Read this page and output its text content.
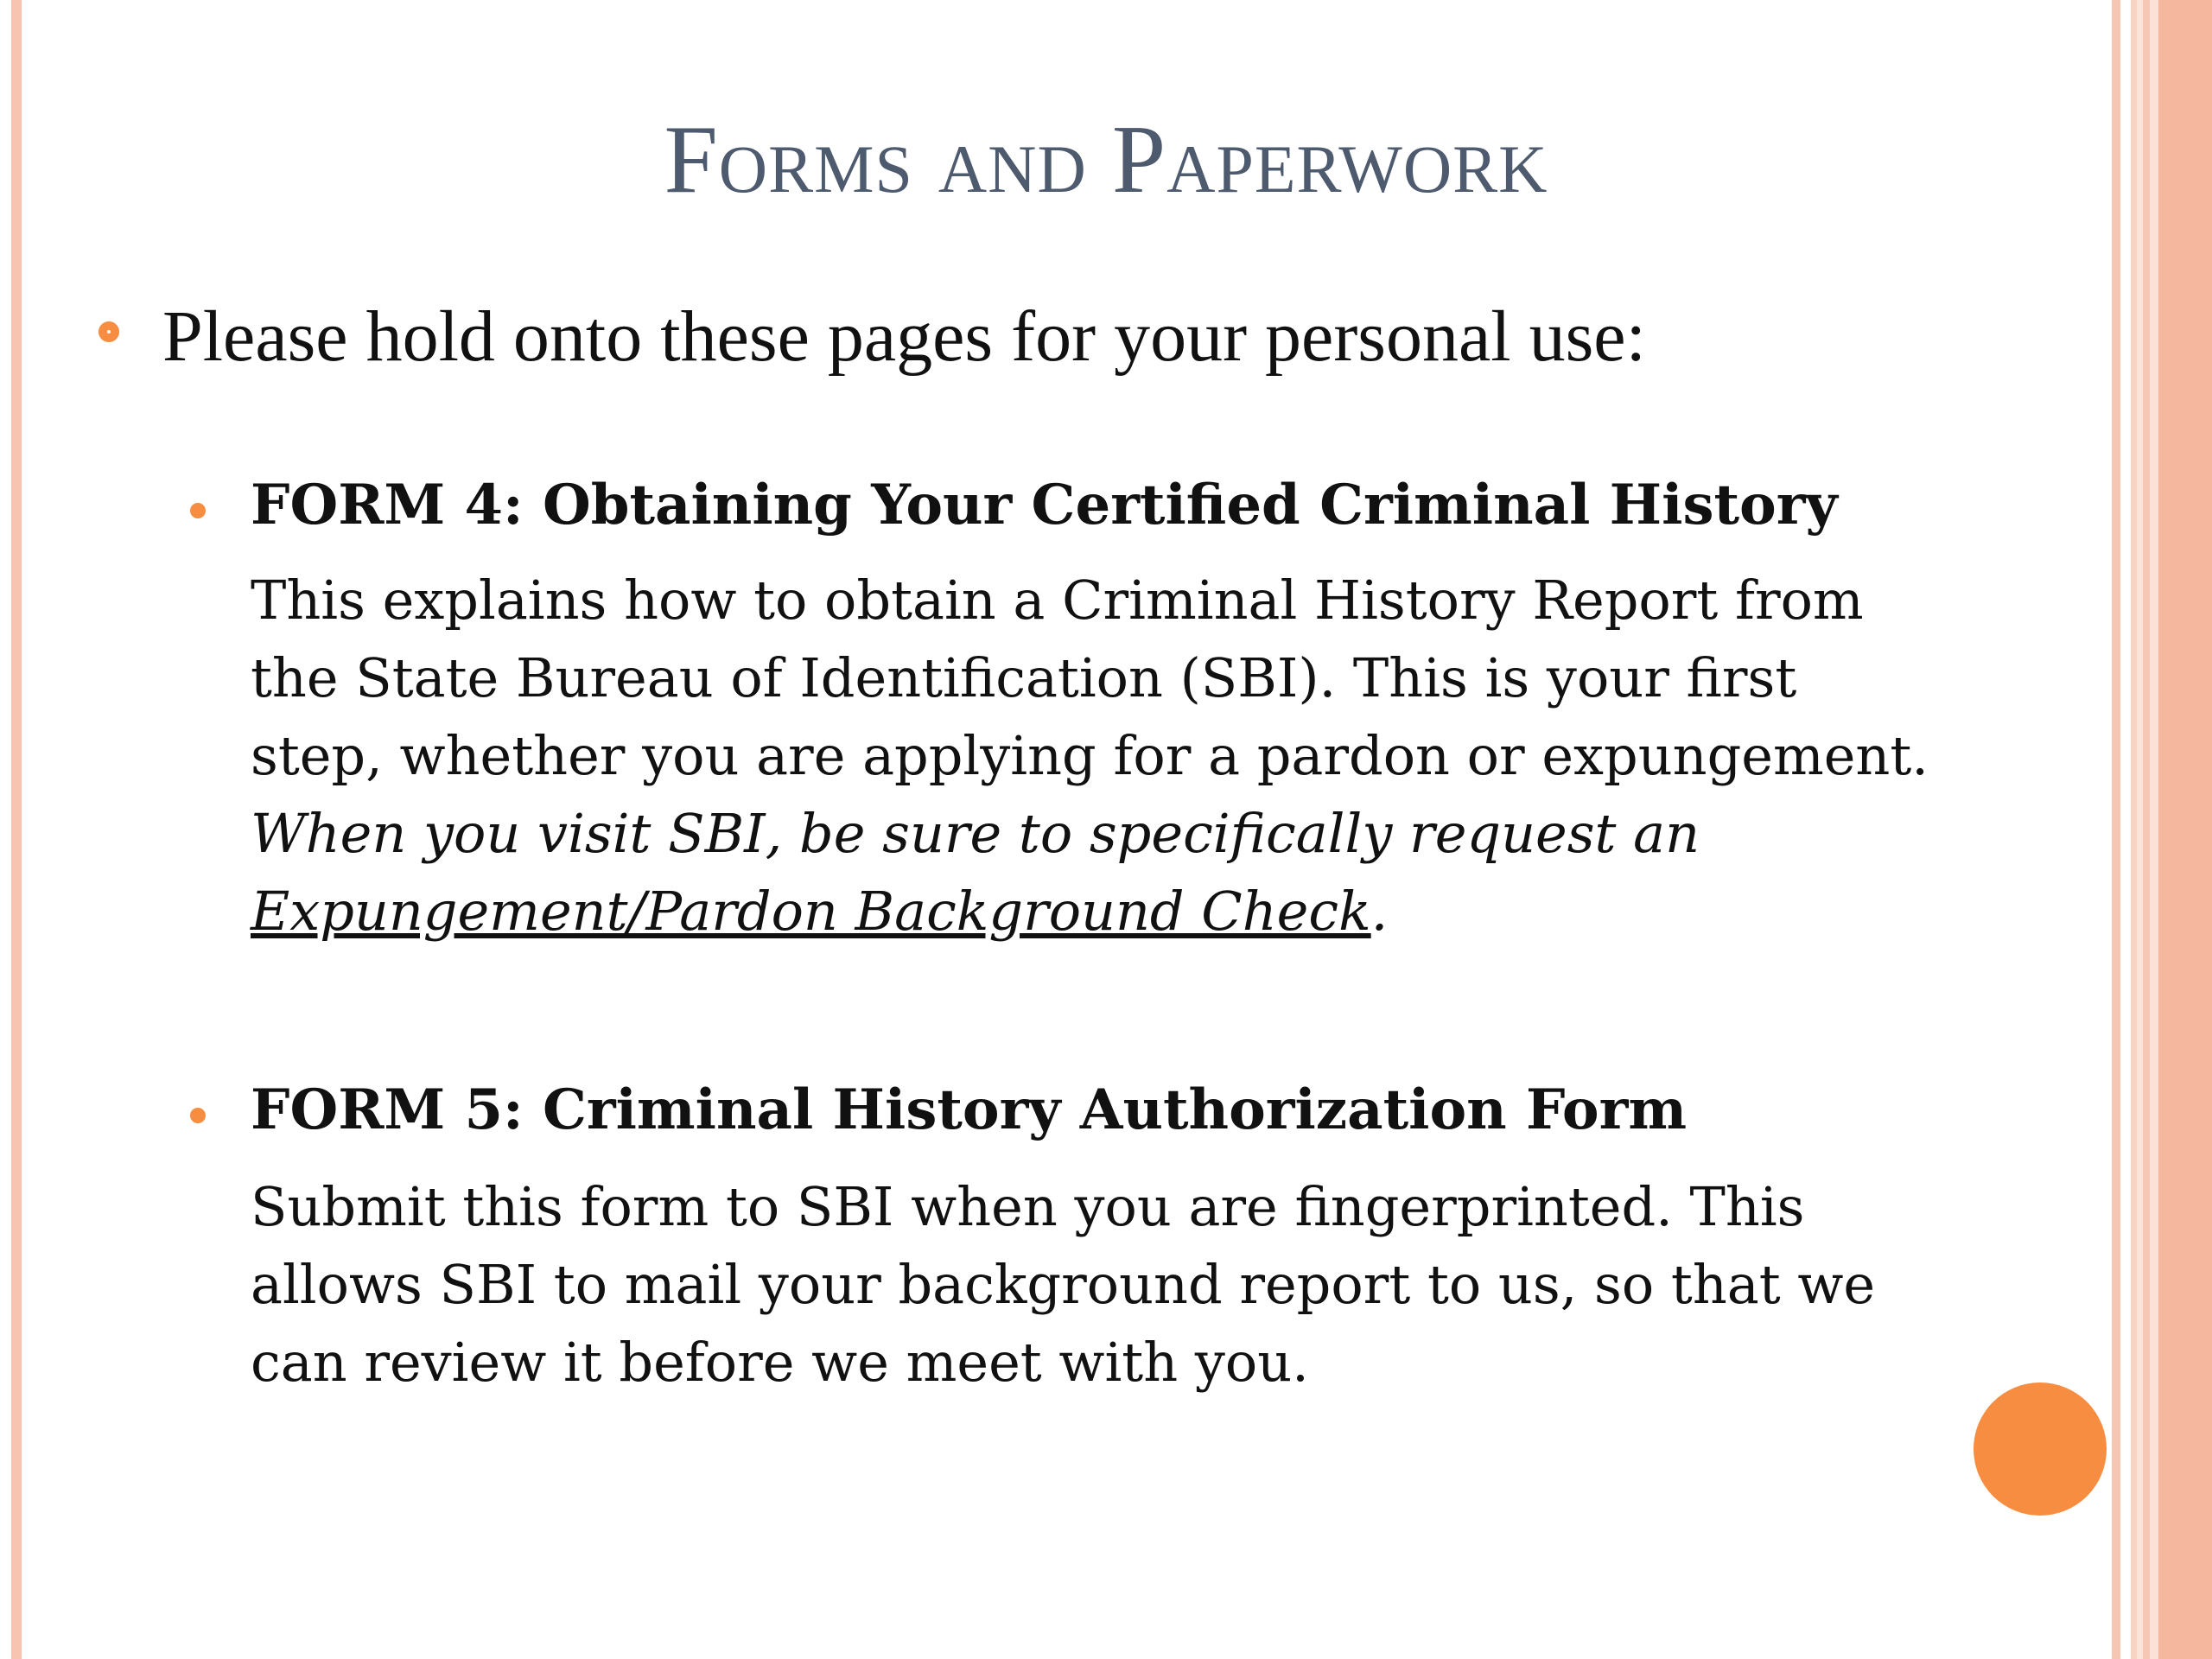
Forms and Paperwork
Please hold onto these pages for your personal use:
FORM 4: Obtaining Your Certified Criminal History
This explains how to obtain a Criminal History Report from
the State Bureau of Identification (SBI). This is your first
step, whether you are applying for a pardon or expungement.
When you visit SBI, be sure to specifically request an
Expungement/Pardon Background Check.
FORM 5: Criminal History Authorization Form
Submit this form to SBI when you are fingerprinted. This
allows SBI to mail your background report to us, so that we
can review it before we meet with you.
